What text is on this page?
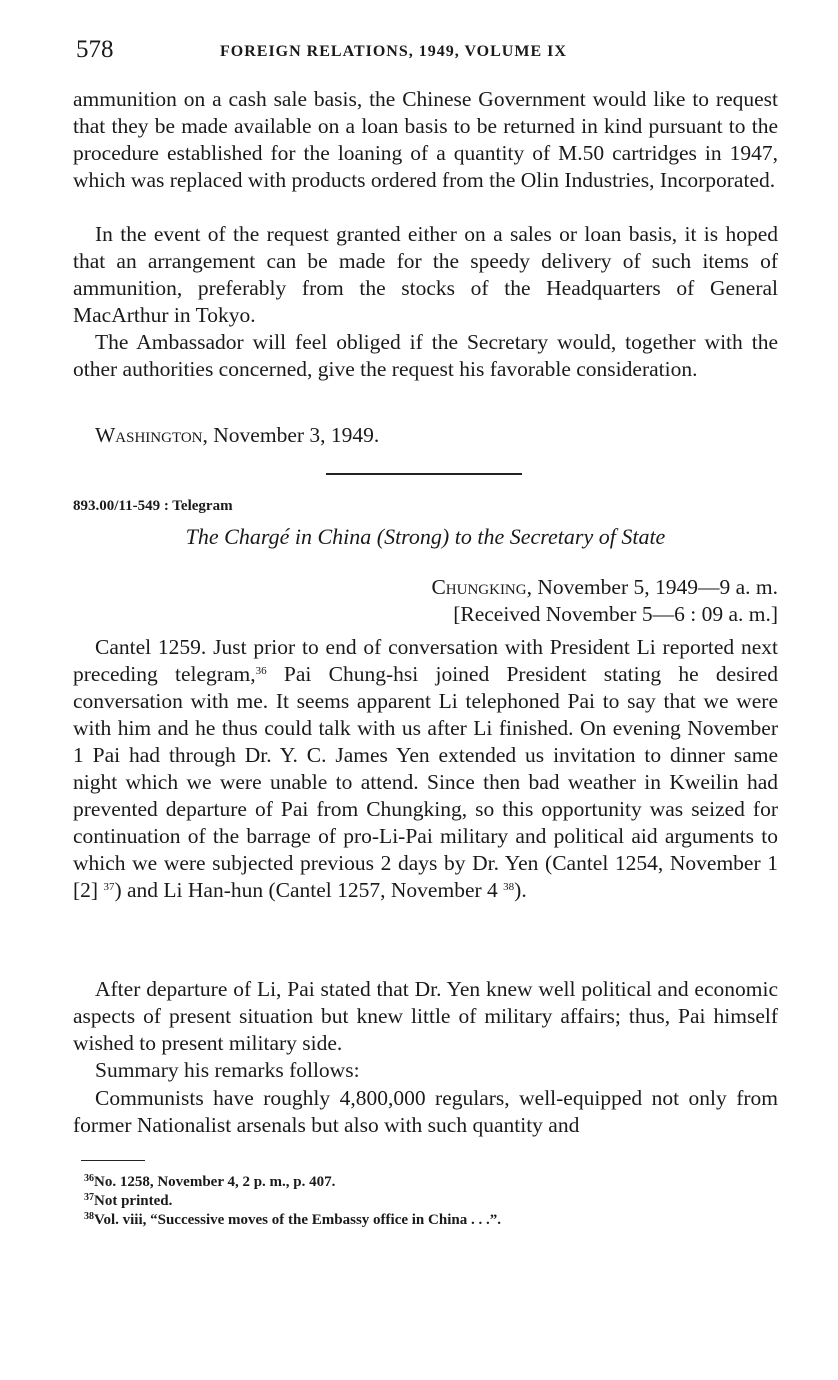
578	FOREIGN RELATIONS, 1949, VOLUME IX

ammunition on a cash sale basis, the Chinese Government would like to request that they be made available on a loan basis to be returned in kind pursuant to the procedure established for the loaning of a quantity of M.50 cartridges in 1947, which was replaced with products ordered from the Olin Industries, Incorporated.

In the event of the request granted either on a sales or loan basis, it is hoped that an arrangement can be made for the speedy delivery of such items of ammunition, preferably from the stocks of the Headquarters of General MacArthur in Tokyo.

The Ambassador will feel obliged if the Secretary would, together with the other authorities concerned, give the request his favorable consideration.

Washington, November 3, 1949.

893.00/11-549 : Telegram
The Chargé in China (Strong) to the Secretary of State
Chungking, November 5, 1949—9 a. m.
[Received November 5—6 : 09 a. m.]

Cantel 1259. Just prior to end of conversation with President Li reported next preceding telegram,$^{36}$ Pai Chung-hsi joined President stating he desired conversation with me. It seems apparent Li telephoned Pai to say that we were with him and he thus could talk with us after Li finished. On evening November 1 Pai had through Dr. Y. C. James Yen extended us invitation to dinner same night which we were unable to attend. Since then bad weather in Kweilin had prevented departure of Pai from Chungking, so this opportunity was seized for continuation of the barrage of pro-Li-Pai military and political aid arguments to which we were subjected previous 2 days by Dr. Yen (Cantel 1254, November 1 [2] $^{37}$) and Li Han-hun (Cantel 1257, November 4 $^{38}$).

After departure of Li, Pai stated that Dr. Yen knew well political and economic aspects of present situation but knew little of military affairs; thus, Pai himself wished to present military side.

Summary his remarks follows:

Communists have roughly 4,800,000 regulars, well-equipped not only from former Nationalist arsenals but also with such quantity and

$^{36}$No. 1258, November 4, 2 p. m., p. 407.
$^{37}$Not printed.
$^{38}$Vol. viii, “Successive moves of the Embassy office in China . . .”.
